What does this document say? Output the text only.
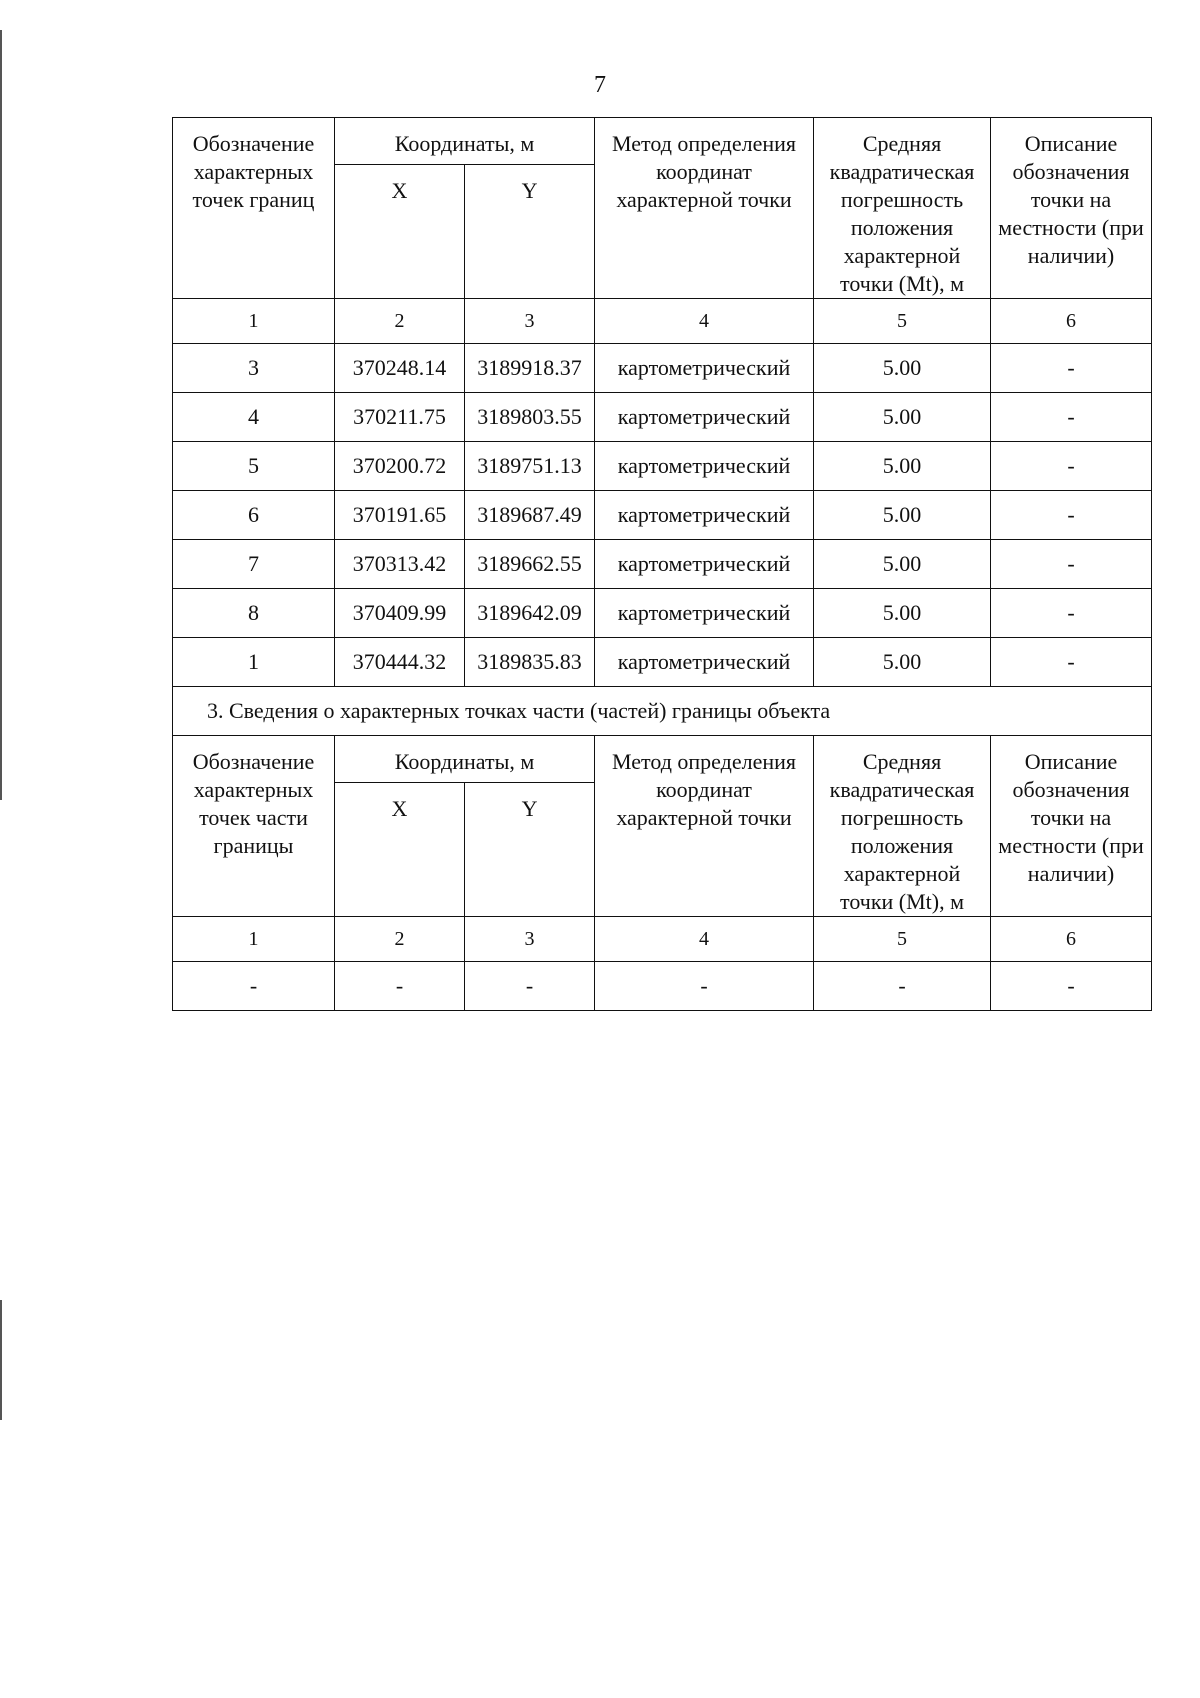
7
Обозначение характерных точек границ	Координаты, м		Метод определения координат характерной точки	Средняя квадратическая погрешность положения характерной точки (Mt), м	Описание обозначения точки на местности (при наличии)
	X	Y			
1	2	3	4	5	6
3	370248.14	3189918.37	картометрический	5.00	-
4	370211.75	3189803.55	картометрический	5.00	-
5	370200.72	3189751.13	картометрический	5.00	-
6	370191.65	3189687.49	картометрический	5.00	-
7	370313.42	3189662.55	картометрический	5.00	-
8	370409.99	3189642.09	картометрический	5.00	-
1	370444.32	3189835.83	картометрический	5.00	-
3. Сведения о характерных точках части (частей) границы объекта					
Обозначение характерных точек части границы	Координаты, м		Метод определения координат характерной точки	Средняя квадратическая погрешность положения характерной точки (Mt), м	Описание обозначения точки на местности (при наличии)
	X	Y			
1	2	3	4	5	6
-	-	-	-	-	-
